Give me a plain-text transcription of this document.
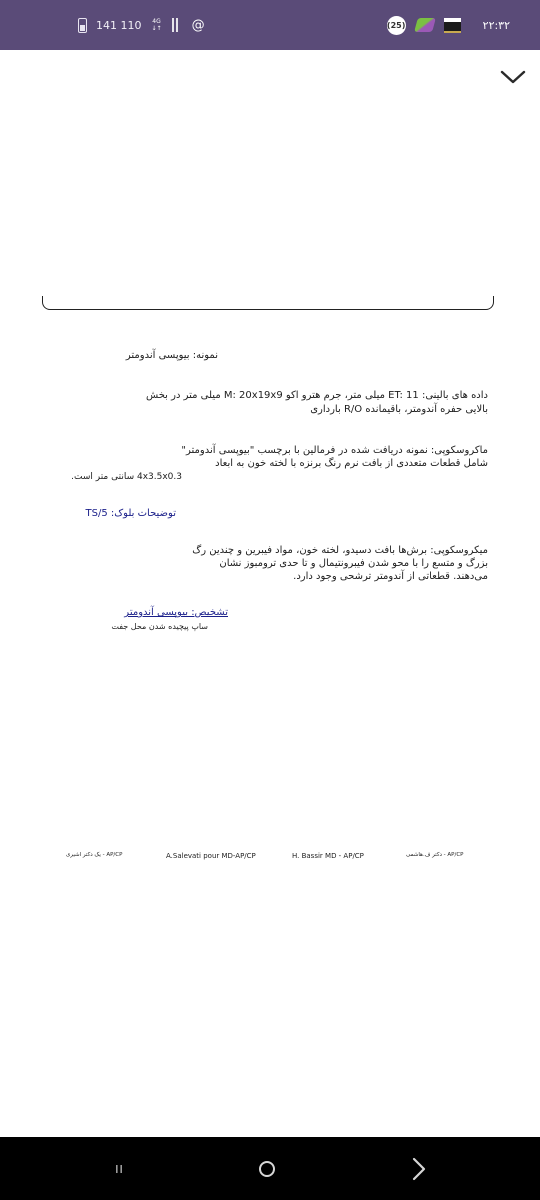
141 110 4G
↓↑ @	(25)	۲۲:۳۲
نمونه: بیوپسی آندومتر
داده های بالینی: ET: 11 میلی متر، جرم هترو اکو M: 20x19x9 میلی متر در بخش
بالایی حفره آندومتر، باقیمانده R/O بارداری
ماکروسکوپی: نمونه دریافت شده در فرمالین با برچسب "بیوپسی آندومتر"
شامل قطعات متعددی از بافت نرم رنگ برنزه با لخته خون به ابعاد
4x3.5x0.3 سانتی متر است.
توضیحات بلوک: TS/5
میکروسکوپی: برش‌ها بافت دسیدو، لخته خون، مواد فیبرین و چندین رگ
بزرگ و متسع را با محو شدن فیبرونتیمال و تا حدی ترومبوز نشان
می‌دهند. قطعاتی از آندومتر ترشحی وجود دارد.
تشخیص: بیوپسی آندومتر
ساپ پیچیده شدن محل جفت
یک دکتر اشیری - AP/CP	A.Salevati pour MD-AP/CP	H. Bassir MD - AP/CP	دکتر ف.هاشمی - AP/CP
